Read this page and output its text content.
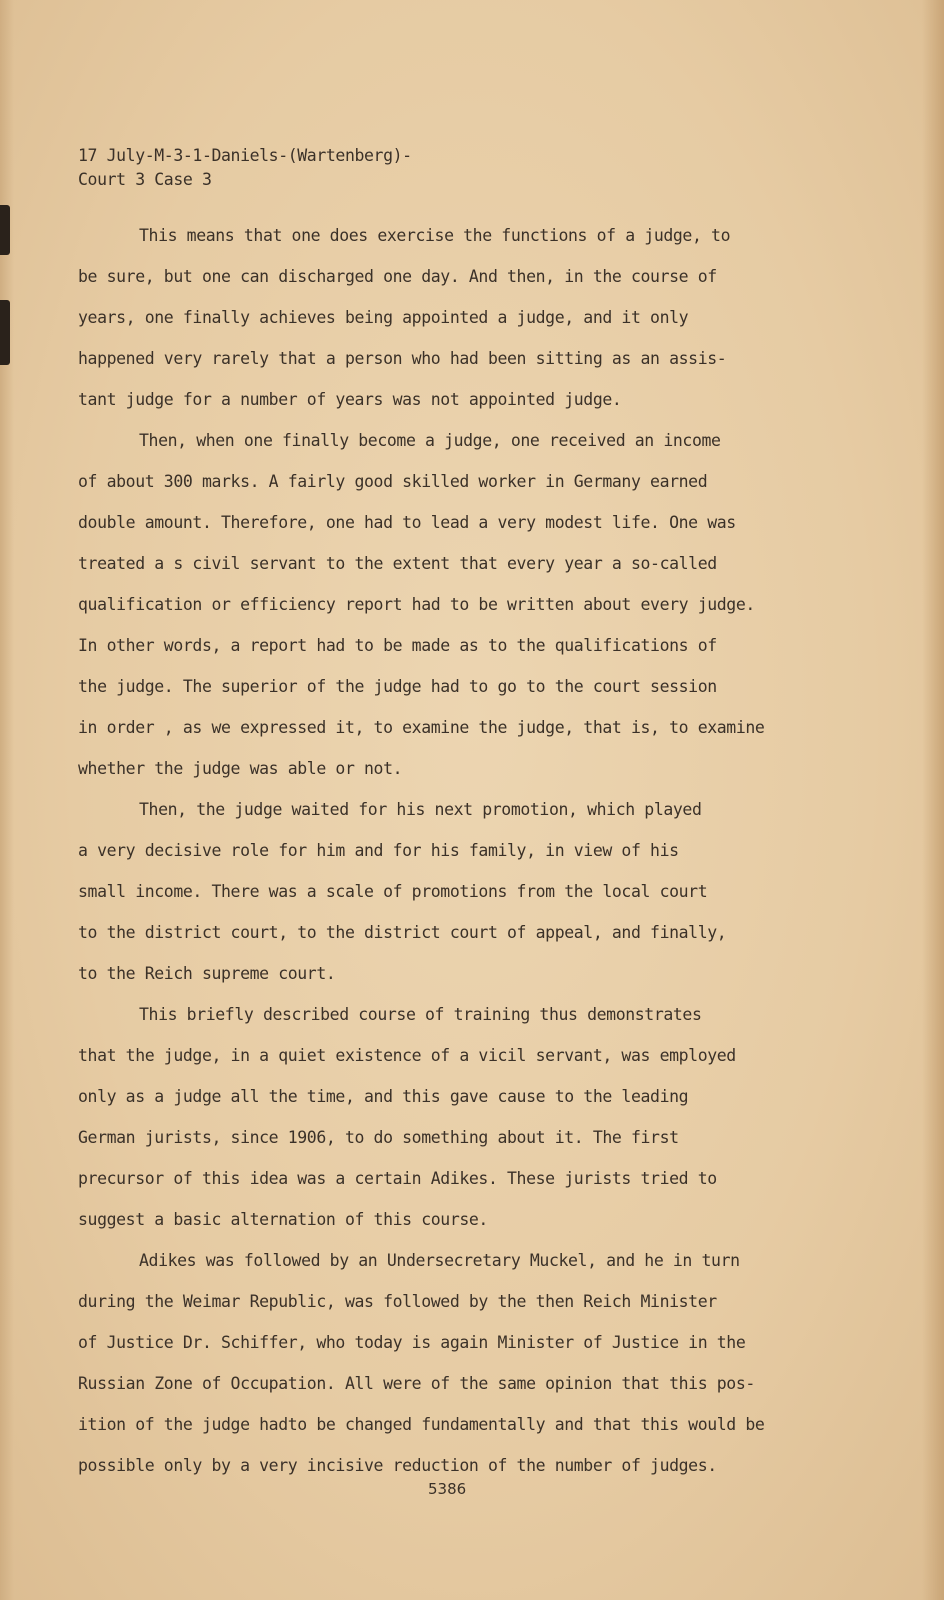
17 July-M-3-1-Daniels-(Wartenberg)-
Court 3 Case 3
This means that one does exercise the functions of a judge, to
be sure, but one can discharged one day. And then, in the course of
years, one finally achieves being appointed a judge, and it only
happened very rarely that a person who had been sitting as an assis-
tant judge for a number of years was not appointed judge.
Then, when one finally become a judge, one received an income
of about 300 marks. A fairly good skilled worker in Germany earned
double amount. Therefore, one had to lead a very modest life. One was
treated a s civil servant to the extent that every year a so-called
qualification or efficiency report had to be written about every judge.
In other words, a report had to be made as to the qualifications of
the judge. The superior of the judge had to go to the court session
in order , as we expressed it, to examine the judge, that is, to examine
whether the judge was able or not.
Then, the judge waited for his next promotion, which played
a very decisive role for him and for his family, in view of his
small income. There was a scale of promotions from the local court
to the district court, to the district court of appeal, and finally,
to the Reich supreme court.
This briefly described course of training thus demonstrates
that the judge, in a quiet existence of a vicil servant, was employed
only as a judge all the time, and this gave cause to the leading
German jurists, since 1906, to do something about it. The first
precursor of this idea was a certain Adikes. These jurists tried to
suggest a basic alternation of this course.
Adikes was followed by an Undersecretary Muckel, and he in turn
during the Weimar Republic, was followed by the then Reich Minister
of Justice Dr. Schiffer, who today is again Minister of Justice in the
Russian Zone of Occupation. All were of the same opinion that this pos-
ition of the judge hadto be changed fundamentally and that this would be
possible only by a very incisive reduction of the number of judges.
5386
